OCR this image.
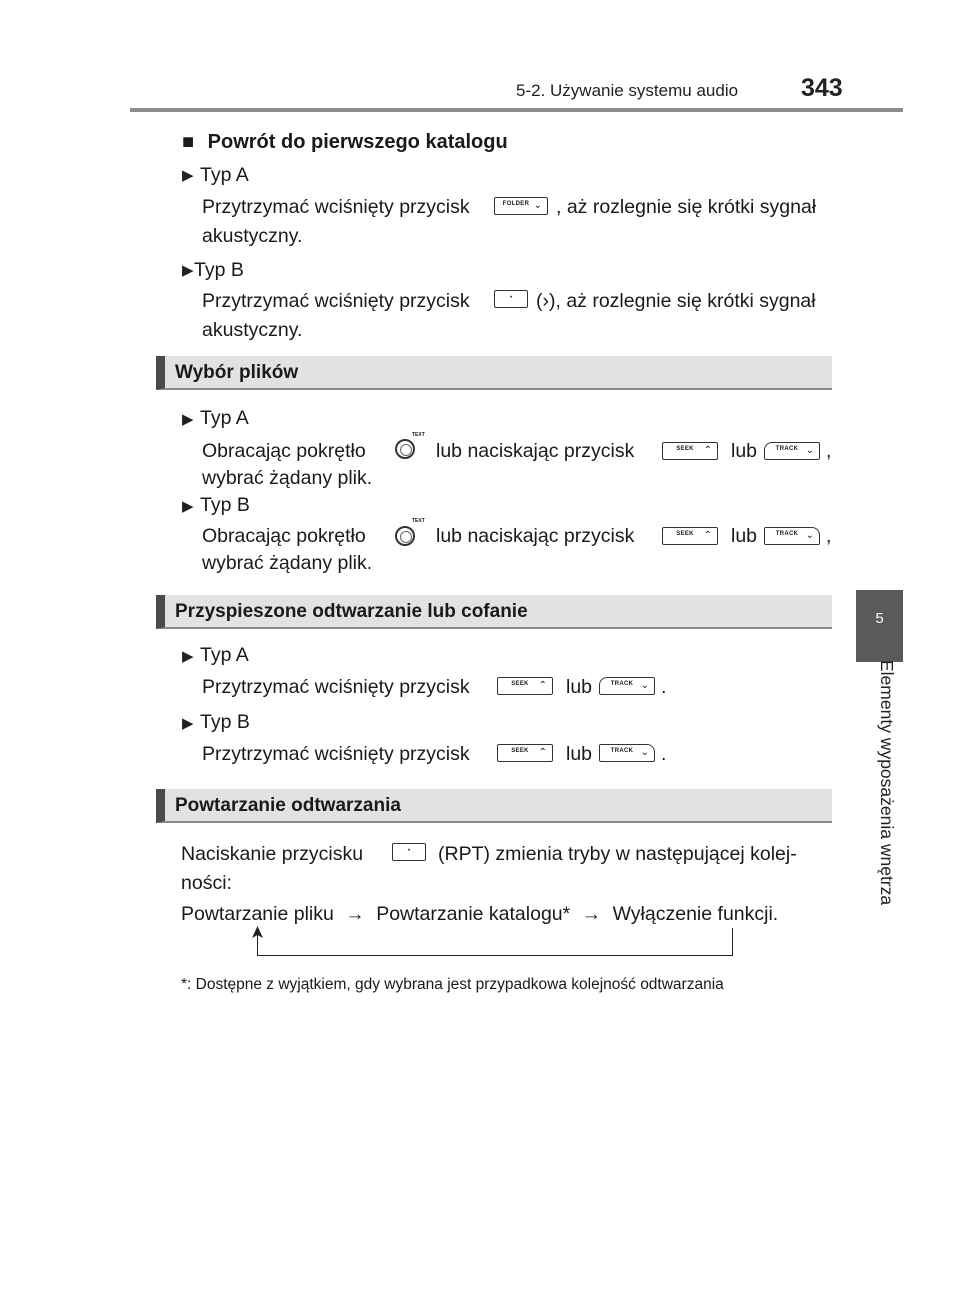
5-2. Używanie systemu audio	343
5
Elementy wyposażenia wnętrza
■ Powrót do pierwszego katalogu
▶ Typ A
Przytrzymać wciśnięty przycisk	FOLDER ⌄ , aż rozlegnie się krótki sygnał
akustyczny.
▶ Typ B
Przytrzymać wciśnięty przycisk	·	(›), aż rozlegnie się krótki sygnał
akustyczny.
Wybór plików
▶ Typ A
Obracając pokrętło
TEXT
lub naciskając przycisk	SEEK ⌃ lub	TRACK ⌄ ,
wybrać żądany plik.
▶ Typ B
Obracając pokrętło
TEXT
lub naciskając przycisk	SEEK ⌃ lub	TRACK ⌄ ,
wybrać żądany plik.
Przyspieszone odtwarzanie lub cofanie
▶ Typ A
Przytrzymać wciśnięty przycisk	SEEK ⌃ lub	TRACK ⌄ .
▶ Typ B
Przytrzymać wciśnięty przycisk	SEEK ⌃ lub	TRACK ⌄ .
Powtarzanie odtwarzania
Naciskanie przycisku	·	(RPT) zmienia tryby w następującej kolej-
ności:
Powtarzanie pliku → Powtarzanie katalogu* → Wyłączenie funkcji.
*: Dostępne z wyjątkiem, gdy wybrana jest przypadkowa kolejność odtwarzania
